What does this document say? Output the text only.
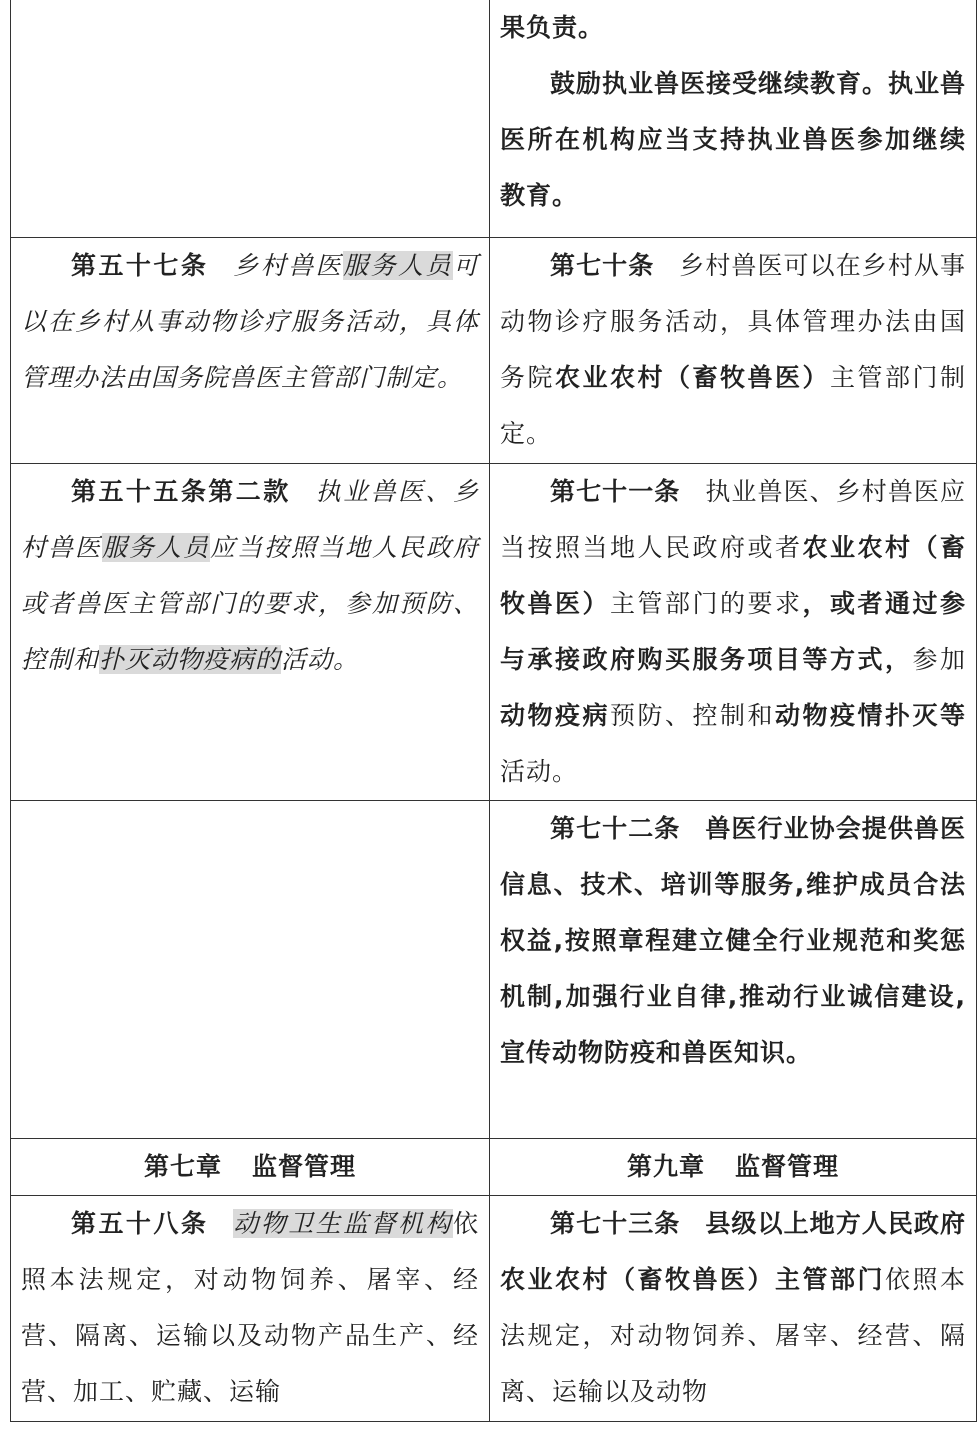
	果负责。

鼓励执业兽医接受继续教育。执业兽医所在机构应当支持执业兽医参加继续教育。

第五十七条 乡村兽医服务人员可以在乡村从事动物诊疗服务活动，具体管理办法由国务院兽医主管部门制定。	第七十条 乡村兽医可以在乡村从事动物诊疗服务活动，具体管理办法由国务院农业农村（畜牧兽医）主管部门制定。

第五十五条第二款 执业兽医、乡村兽医服务人员应当按照当地人民政府或者兽医主管部门的要求，参加预防、控制和扑灭动物疫病的活动。	第七十一条 执业兽医、乡村兽医应当按照当地人民政府或者农业农村（畜牧兽医）主管部门的要求，或者通过参与承接政府购买服务项目等方式，参加动物疫病预防、控制和动物疫情扑灭等活动。

	第七十二条 兽医行业协会提供兽医信息、技术、培训等服务,维护成员合法权益,按照章程建立健全行业规范和奖惩机制,加强行业自律,推动行业诚信建设,宣传动物防疫和兽医知识。

第七章 监督管理	第九章 监督管理

第五十八条 动物卫生监督机构依照本法规定，对动物饲养、屠宰、经营、隔离、运输以及动物产品生产、经营、加工、贮藏、运输	第七十三条 县级以上地方人民政府农业农村（畜牧兽医）主管部门依照本法规定，对动物饲养、屠宰、经营、隔离、运输以及动物
